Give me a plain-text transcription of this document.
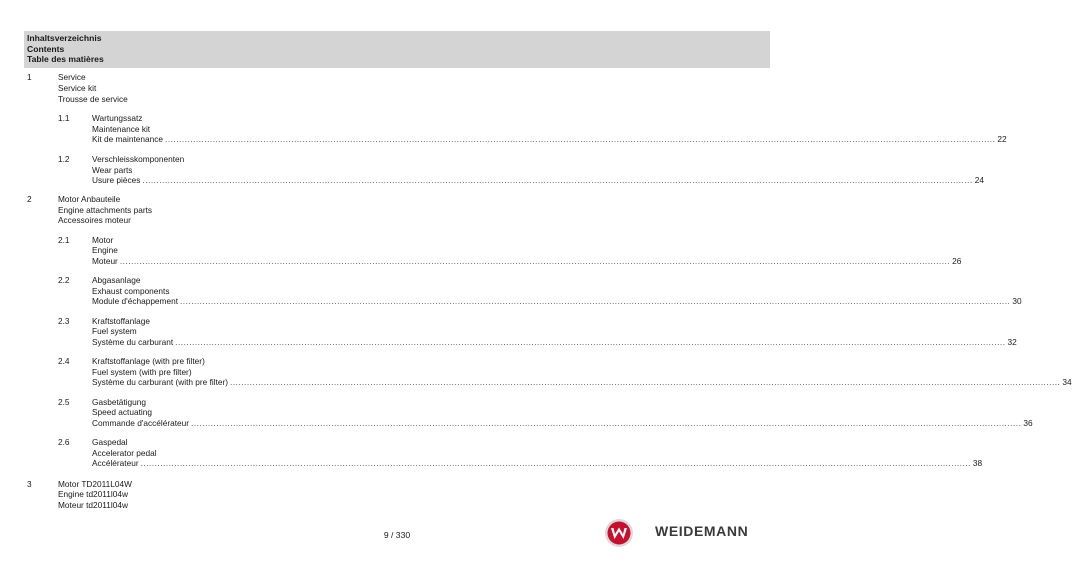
Inhaltsverzeichnis
Contents
Table des matières
1	Service
Service kit
Trousse de service
1.1	Wartungssatz
Maintenance kit
Kit de maintenance ........................................................................................................................................................................................................................................................................................................ 22
1.2	Verschleisskomponenten
Wear parts
Usure pièces ........................................................................................................................................................................................................................................................................................................ 24
2	Motor Anbauteile
Engine attachments parts
Accessoires moteur
2.1	Motor
Engine
Moteur ........................................................................................................................................................................................................................................................................................................ 26
2.2	Abgasanlage
Exhaust components
Module d'échappement ........................................................................................................................................................................................................................................................................................................ 30
2.3	Kraftstoffanlage
Fuel system
Système du carburant ........................................................................................................................................................................................................................................................................................................ 32
2.4	Kraftstoffanlage (with pre filter)
Fuel system (with pre filter)
Système du carburant (with pre filter) ........................................................................................................................................................................................................................................................................................................ 34
2.5	Gasbetätigung
Speed actuating
Commande d'accélérateur ........................................................................................................................................................................................................................................................................................................ 36
2.6	Gaspedal
Accelerator pedal
Accélérateur ........................................................................................................................................................................................................................................................................................................ 38
3	Motor TD2011L04W
Engine td2011l04w
Moteur td2011l04w
9 / 330	WEIDEMANN
